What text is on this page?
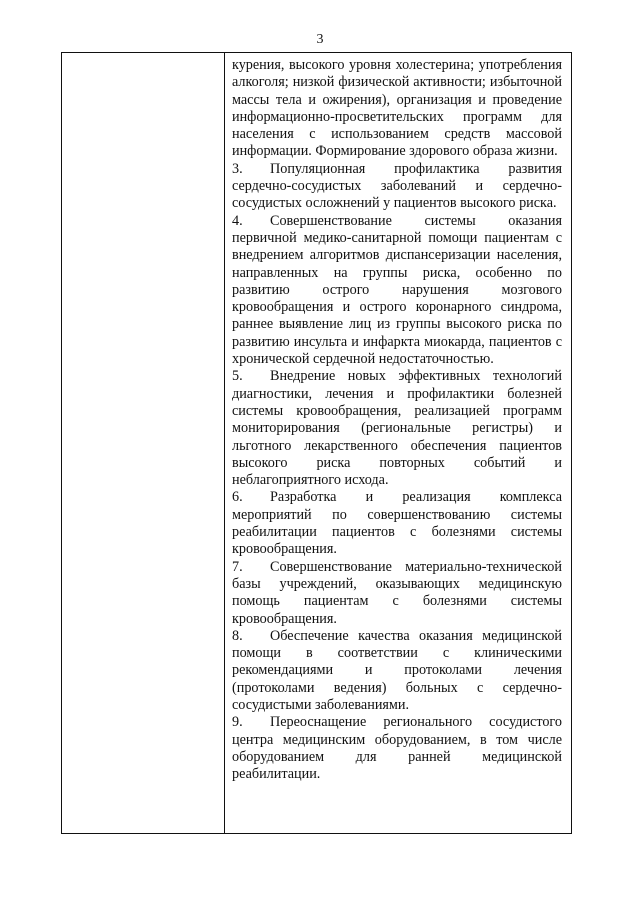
3

курения, высокого уровня холестерина; употребления алкоголя; низкой физической активности; избыточной массы тела и ожирения), организация и проведение информационно-просветительских программ для населения с использованием средств массовой информации. Формирование здорового образа жизни.

3. Популяционная профилактика развития сердечно-сосудистых заболеваний и сердечно-сосудистых осложнений у пациентов высокого риска.

4. Совершенствование системы оказания первичной медико-санитарной помощи пациентам с внедрением алгоритмов диспансеризации населения, направленных на группы риска, особенно по развитию острого нарушения мозгового кровообращения и острого коронарного синдрома, раннее выявление лиц из группы высокого риска по развитию инсульта и инфаркта миокарда, пациентов с хронической сердечной недостаточностью.

5. Внедрение новых эффективных технологий диагностики, лечения и профилактики болезней системы кровообращения, реализацией программ мониторирования (региональные регистры) и льготного лекарственного обеспечения пациентов высокого риска повторных событий и неблагоприятного исхода.

6. Разработка и реализация комплекса мероприятий по совершенствованию системы реабилитации пациентов с болезнями системы кровообращения.

7. Совершенствование материально-технической базы учреждений, оказывающих медицинскую помощь пациентам с болезнями системы кровообращения.

8. Обеспечение качества оказания медицинской помощи в соответствии с клиническими рекомендациями и протоколами лечения (протоколами ведения) больных с сердечно-сосудистыми заболеваниями.

9. Переоснащение регионального сосудистого центра медицинским оборудованием, в том числе оборудованием для ранней медицинской реабилитации.
